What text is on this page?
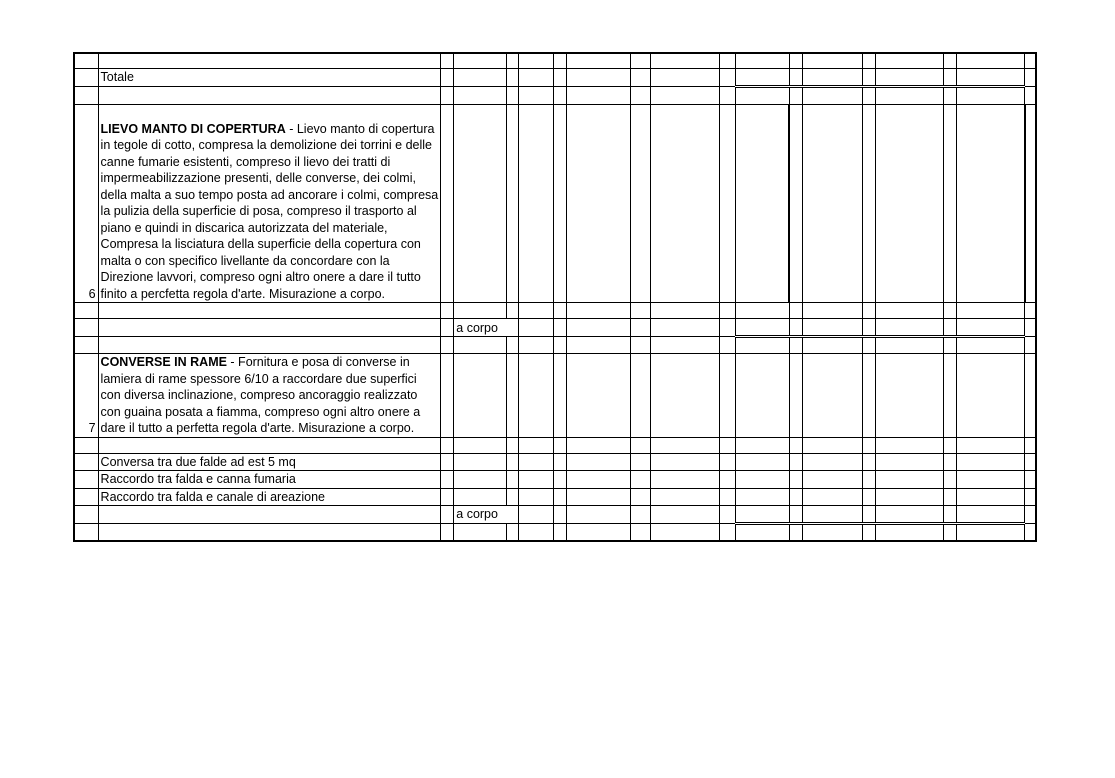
	Totale																	

6	LIEVO MANTO DI COPERTURA - Lievo manto di copertura in tegole di cotto, compresa la demolizione dei torrini e delle canne fumarie esistenti, compreso il lievo dei tratti di impermeabilizzazione presenti, delle converse, dei colmi, della malta a suo tempo posta ad ancorare i colmi, compresa la pulizia della superficie di posa, compreso il trasporto al piano e quindi in discarica autorizzata del materiale, Compresa la lisciatura della superficie della copertura con malta o con specifico livellante da concordare con la Direzione lavvori, compreso ogni altro onere a dare il tutto finito a percfetta regola d'arte. Misurazione a corpo.																	

			a corpo															

7	CONVERSE IN RAME - Fornitura e posa di converse in lamiera di rame spessore 6/10 a raccordare due superfici con diversa inclinazione, compreso ancoraggio realizzato con guaina posata a fiamma, compreso ogni altro onere a dare il tutto a perfetta regola d'arte. Misurazione a corpo.																	

	Conversa tra due falde ad est 5 mq																	
	Raccordo tra falda e canna fumaria																	
	Raccordo tra falda e canale di areazione																	
			a corpo															
